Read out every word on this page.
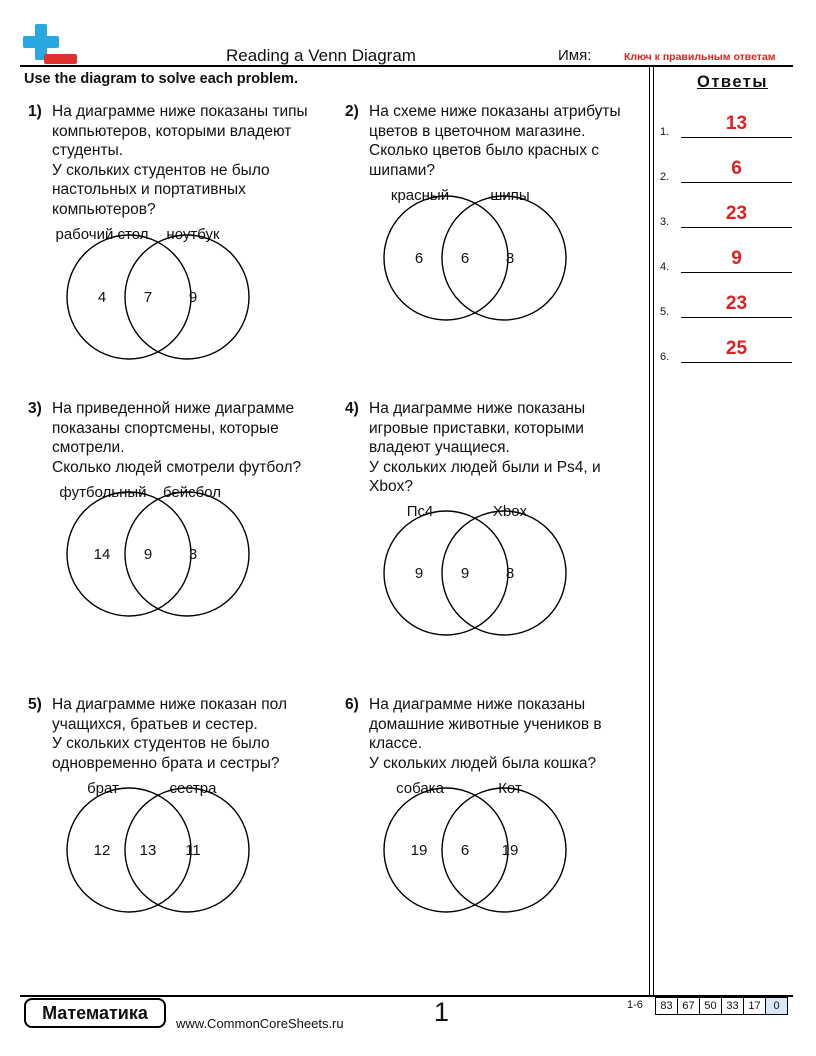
Reading a Venn Diagram	Имя:	Ключ к правильным ответам
Use the diagram to solve each problem.
1) На диаграмме ниже показаны типы
компьютеров, которыми владеют
студенты.
У скольких студентов не было
настольных и портативных
компьютеров?
рабочий стол ноутбук
4	7 9
2) На схеме ниже показаны атрибуты
цветов в цветочном магазине.
Сколько цветов было красных с
шипами?
красный	шипы
6	6 8
3) На приведенной ниже диаграмме
показаны спортсмены, которые
смотрели.
Сколько людей смотрели футбол?
футбольный бейсбол
14 9 3
4) На диаграмме ниже показаны
игровые приставки, которыми
владеют учащиеся.
У скольких людей были и Ps4, и
Xbox?
Пс4	Xbox
9	9 8
5) На диаграмме ниже показан пол
учащихся, братьев и сестер.
У скольких студентов не было
одновременно брата и сестры?
брат	сестра
12 13 11
6) На диаграмме ниже показаны
домашние животные учеников в
классе.
У скольких людей была кошка?
собака	Кот
19 6 19
Ответы
1.	13
2.	6
3.	23
4.	9
5.	23
6.	25
Математика
www.CommonCoreSheets.ru	1	1-6	83 67 50 33 17	0
